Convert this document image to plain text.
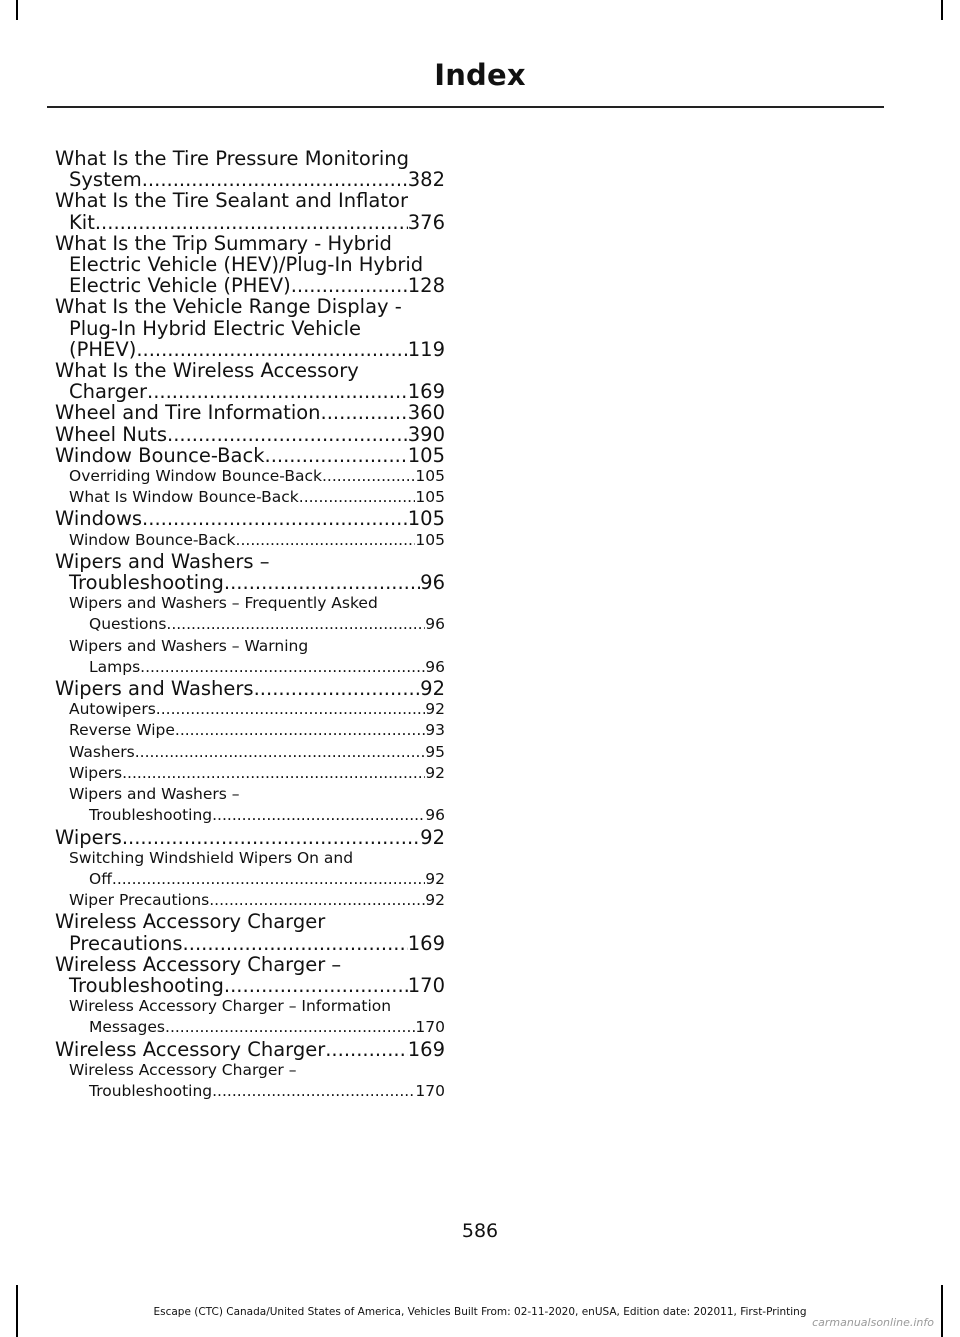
Index
What Is the Tire Pressure Monitoring
System .....	382
What Is the Tire Sealant and Inflator
Kit .....	376
What Is the Trip Summary - Hybrid
Electric Vehicle (HEV)/Plug-In Hybrid
Electric Vehicle (PHEV) .....	128
What Is the Vehicle Range Display -
Plug-In Hybrid Electric Vehicle
(PHEV) .....	119
What Is the Wireless Accessory
Charger .....	169
Wheel and Tire Information .....	360
Wheel Nuts .....	390
Window Bounce-Back .....	105
Overriding Window Bounce-Back .....	105
What Is Window Bounce-Back .....	105
Windows .....	105
Window Bounce-Back .....	105
Wipers and Washers –
Troubleshooting .....	96
Wipers and Washers – Frequently Asked
Questions .....	96
Wipers and Washers – Warning
Lamps .....	96
Wipers and Washers .....	92
Autowipers .....	92
Reverse Wipe .....	93
Washers .....	95
Wipers .....	92
Wipers and Washers –
Troubleshooting .....	96
Wipers .....	92
Switching Windshield Wipers On and
Off .....	92
Wiper Precautions .....	92
Wireless Accessory Charger
Precautions .....	169
Wireless Accessory Charger –
Troubleshooting .....	170
Wireless Accessory Charger – Information
Messages .....	170
Wireless Accessory Charger .....	169
Wireless Accessory Charger –
Troubleshooting .....	170
586
Escape (CTC) Canada/United States of America, Vehicles Built From: 02-11-2020, enUSA, Edition date: 202011, First-Printing
carmanualsonline.info
